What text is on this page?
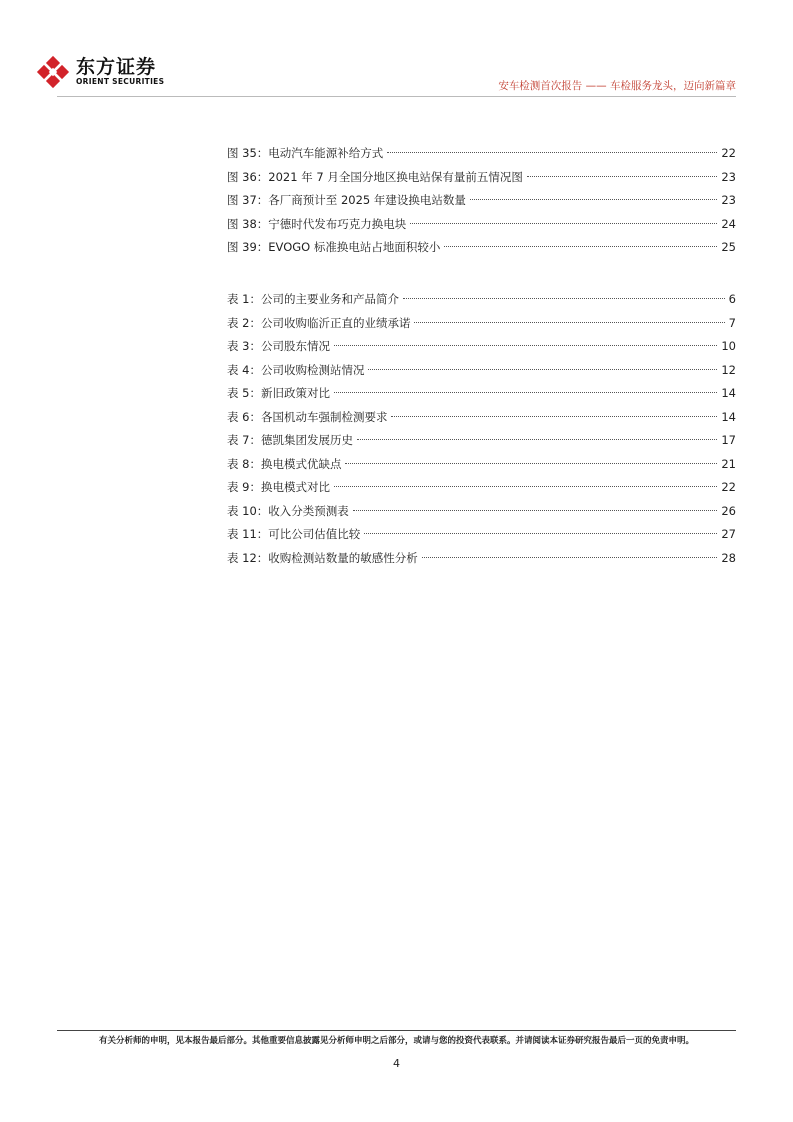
东方证券
ORIENT SECURITIES	安车检测首次报告 —— 车检服务龙头，迈向新篇章
图 35：电动汽车能源补给方式	22
图 36：2021 年 7 月全国分地区换电站保有量前五情况图	23
图 37：各厂商预计至 2025 年建设换电站数量	23
图 38：宁德时代发布巧克力换电块	24
图 39：EVOGO 标准换电站占地面积较小	25
表 1：公司的主要业务和产品简介	6
表 2：公司收购临沂正直的业绩承诺	7
表 3：公司股东情况	10
表 4：公司收购检测站情况	12
表 5：新旧政策对比	14
表 6：各国机动车强制检测要求	14
表 7：德凯集团发展历史	17
表 8：换电模式优缺点	21
表 9：换电模式对比	22
表 10：收入分类预测表	26
表 11：可比公司估值比较	27
表 12：收购检测站数量的敏感性分析	28
有关分析师的申明，见本报告最后部分。其他重要信息披露见分析师申明之后部分，或请与您的投资代表联系。并请阅读本证券研究报告最后一页的免责申明。
4
